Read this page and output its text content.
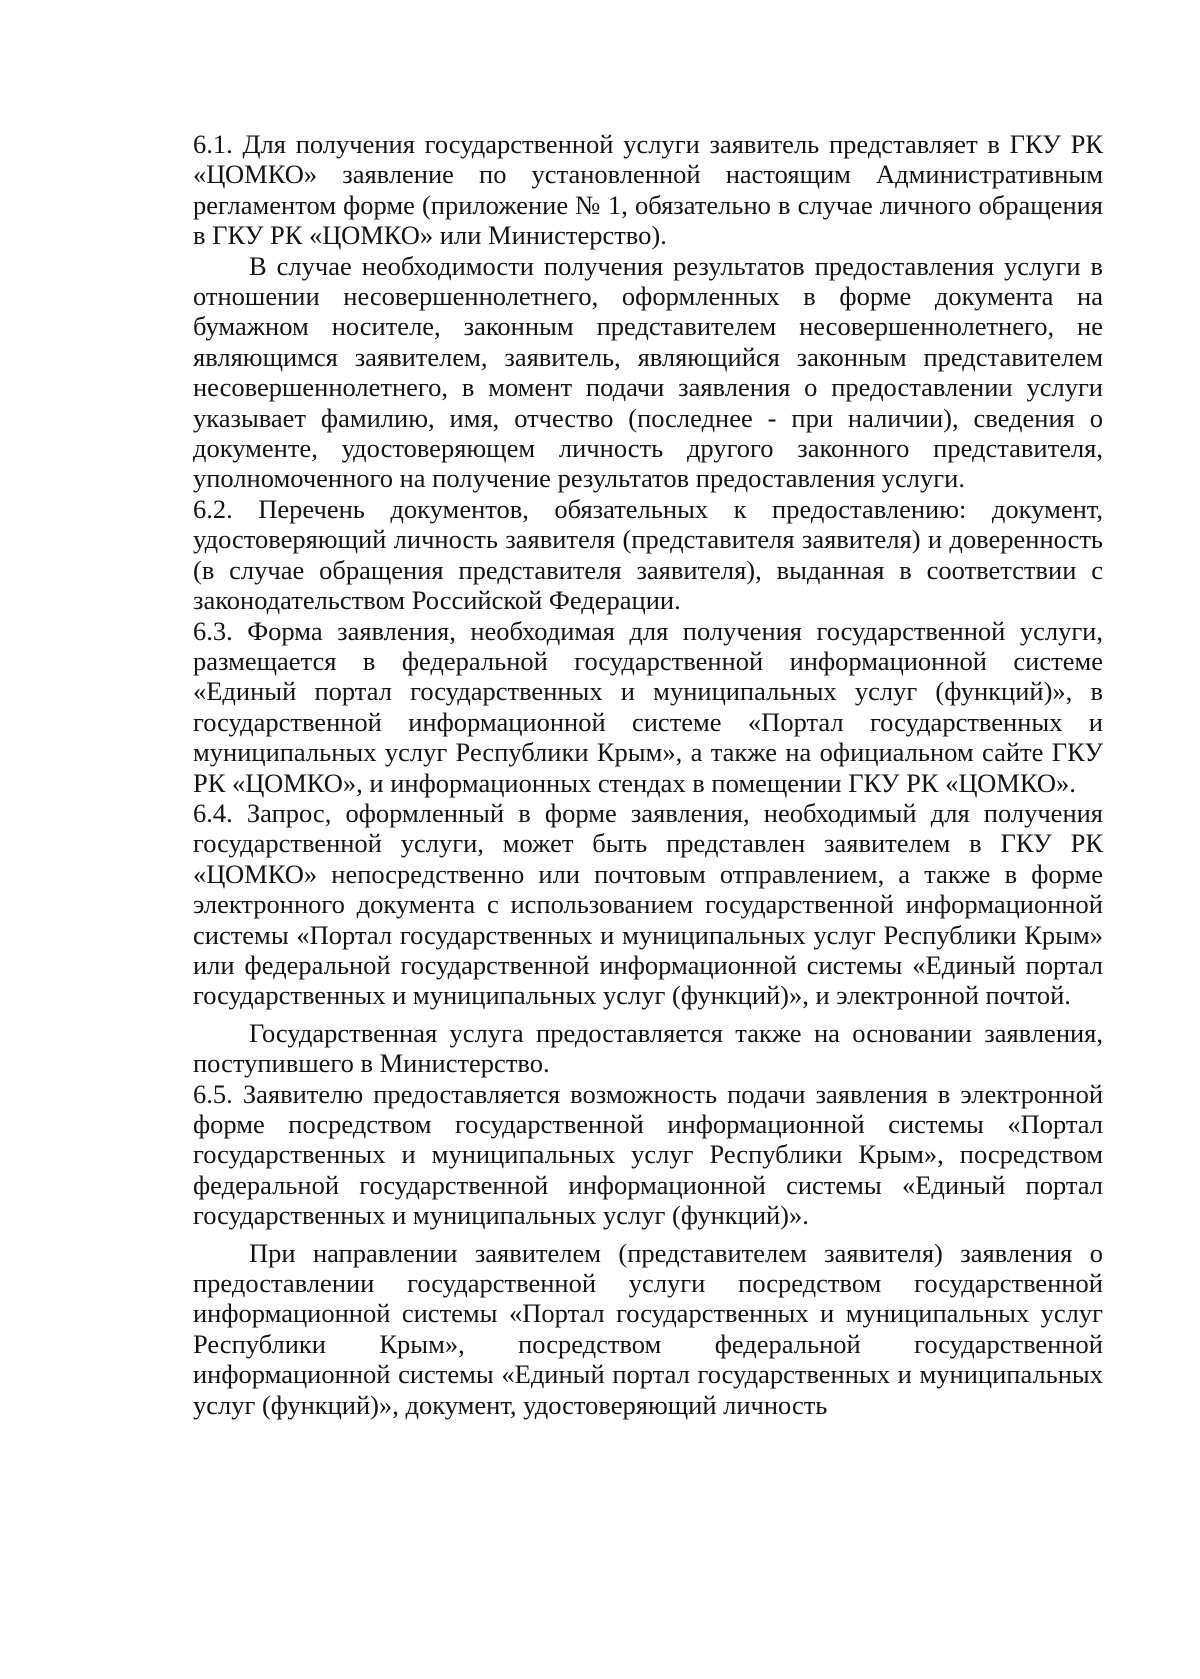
6.1. Для получения государственной услуги заявитель представляет в ГКУ РК «ЦОМКО» заявление по установленной настоящим Административным регламентом форме (приложение № 1, обязательно в случае личного обращения в ГКУ РК «ЦОМКО» или Министерство).

В случае необходимости получения результатов предоставления услуги в отношении несовершеннолетнего, оформленных в форме документа на бумажном носителе, законным представителем несовершеннолетнего, не являющимся заявителем, заявитель, являющийся законным представителем несовершеннолетнего, в момент подачи заявления о предоставлении услуги указывает фамилию, имя, отчество (последнее - при наличии), сведения о документе, удостоверяющем личность другого законного представителя, уполномоченного на получение результатов предоставления услуги.

6.2. Перечень документов, обязательных к предоставлению: документ, удостоверяющий личность заявителя (представителя заявителя) и доверенность (в случае обращения представителя заявителя), выданная в соответствии с законодательством Российской Федерации.

6.3. Форма заявления, необходимая для получения государственной услуги, размещается в федеральной государственной информационной системе «Единый портал государственных и муниципальных услуг (функций)», в государственной информационной системе «Портал государственных и муниципальных услуг Республики Крым», а также на официальном сайте ГКУ РК «ЦОМКО», и информационных стендах в помещении ГКУ РК «ЦОМКО».

6.4. Запрос, оформленный в форме заявления, необходимый для получения государственной услуги, может быть представлен заявителем в ГКУ РК «ЦОМКО» непосредственно или почтовым отправлением, а также в форме электронного документа с использованием государственной информационной системы «Портал государственных и муниципальных услуг Республики Крым» или федеральной государственной информационной системы «Единый портал государственных и муниципальных услуг (функций)», и электронной почтой.

Государственная услуга предоставляется также на основании заявления, поступившего в Министерство.

6.5. Заявителю предоставляется возможность подачи заявления в электронной форме посредством государственной информационной системы «Портал государственных и муниципальных услуг Республики Крым», посредством федеральной государственной информационной системы «Единый портал государственных и муниципальных услуг (функций)».

При направлении заявителем (представителем заявителя) заявления о предоставлении государственной услуги посредством государственной информационной системы «Портал государственных и муниципальных услуг Республики Крым», посредством федеральной государственной информационной системы «Единый портал государственных и муниципальных услуг (функций)», документ, удостоверяющий личность
